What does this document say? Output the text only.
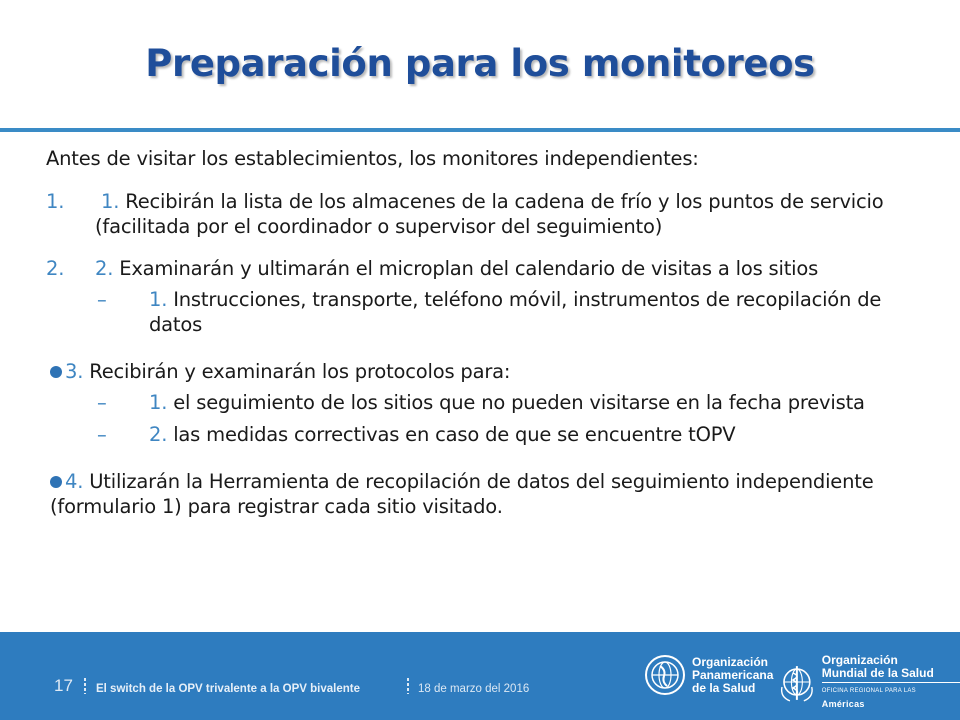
Preparación para los monitoreos

Antes de visitar los establecimientos, los monitores independientes:

1.	1. Recibirán la lista de los almacenes de la cadena de frío y los puntos de servicio (facilitada por el coordinador o supervisor del seguimiento)

2.	2. Examinarán y ultimarán el microplan del calendario de visitas a los sitios

– 1. Instrucciones, transporte, teléfono móvil, instrumentos de recopilación de datos

3. Recibirán y examinarán los protocolos para:

– 1. el seguimiento de los sitios que no pueden visitarse en la fecha prevista

– 2. las medidas correctivas en caso de que se encuentre tOPV

4. Utilizarán la Herramienta de recopilación de datos del seguimiento independiente (formulario 1) para registrar cada sitio visitado.

17 El switch de la OPV trivalente a la OPV bivalente	18 de marzo del 2016
Organización
Panamericana
de la Salud
Organización
Mundial de la Salud
OFICINA REGIONAL PARA LAS Américas
